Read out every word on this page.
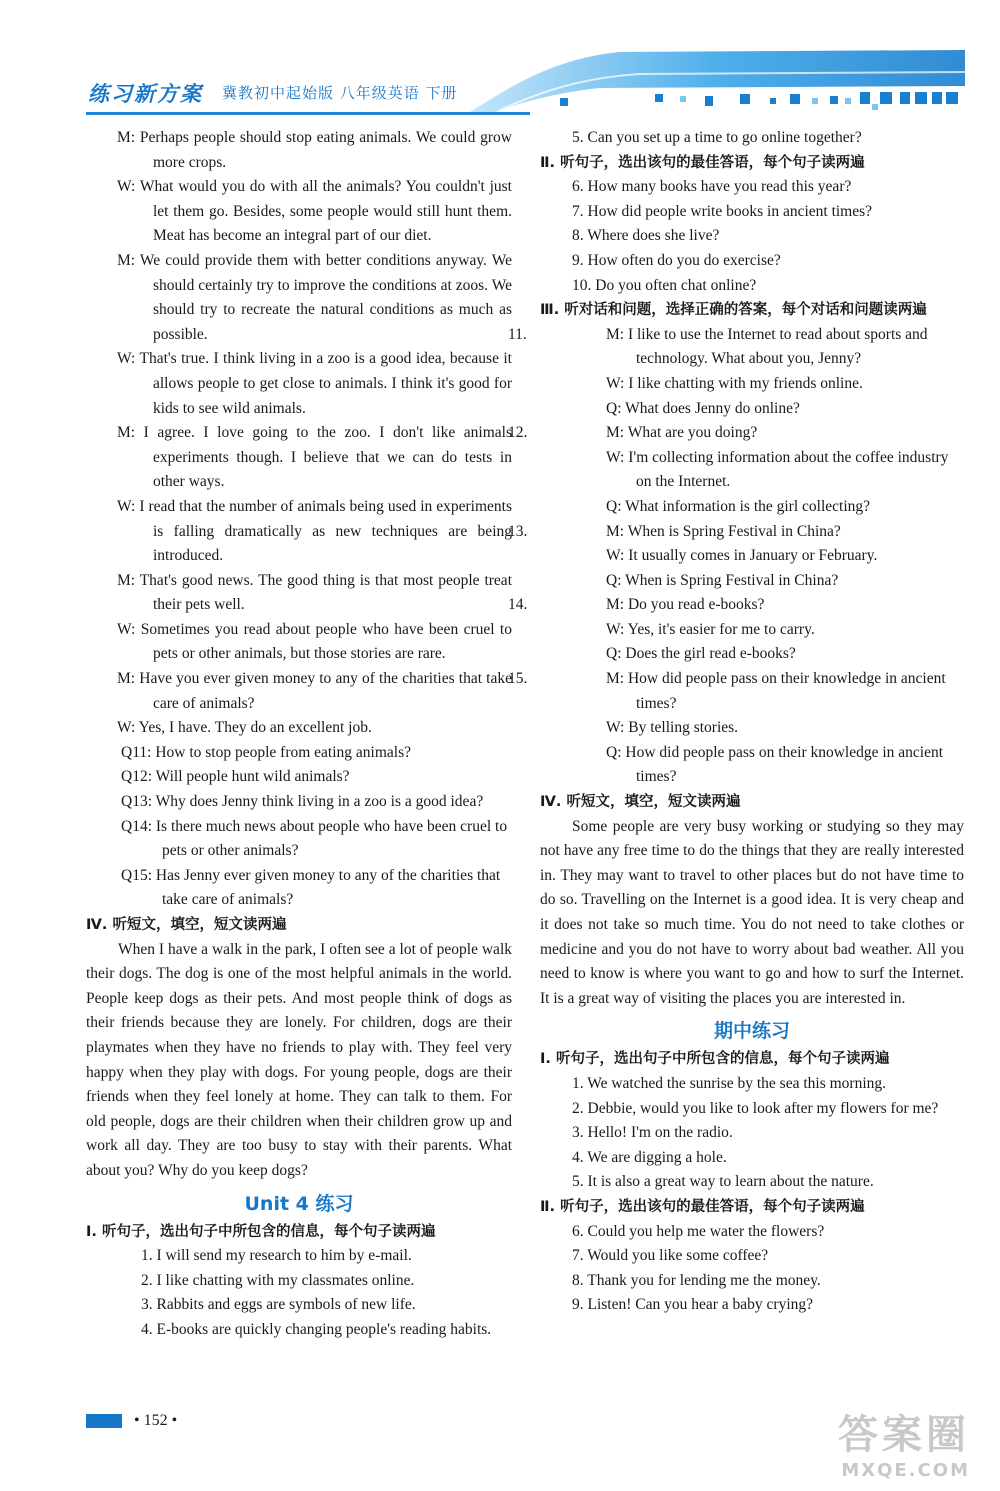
练习新方案 冀教初中起始版 八年级英语 下册
M: Perhaps people should stop eating animals. We could grow more crops.
W: What would you do with all the animals? You couldn't just let them go. Besides, some people would still hunt them. Meat has become an integral part of our diet.
M: We could provide them with better conditions anyway. We should certainly try to improve the conditions at zoos. We should try to recreate the natural conditions as much as possible.
W: That's true. I think living in a zoo is a good idea, because it allows people to get close to animals. I think it's good for kids to see wild animals.
M: I agree. I love going to the zoo. I don't like animals experiments though. I believe that we can do tests in other ways.
W: I read that the number of animals being used in experiments is falling dramatically as new techniques are being introduced.
M: That's good news. The good thing is that most people treat their pets well.
W: Sometimes you read about people who have been cruel to pets or other animals, but those stories are rare.
M: Have you ever given money to any of the charities that take care of animals?
W: Yes, I have. They do an excellent job.
Q11: How to stop people from eating animals?
Q12: Will people hunt wild animals?
Q13: Why does Jenny think living in a zoo is a good idea?
Q14: Is there much news about people who have been cruel to pets or other animals?
Q15: Has Jenny ever given money to any of the charities that take care of animals?
Ⅳ. 听短文，填空，短文读两遍
When I have a walk in the park, I often see a lot of people walk their dogs. The dog is one of the most helpful animals in the world. People keep dogs as their pets. And most people think of dogs as their friends because they are lonely. For children, dogs are their playmates when they have no friends to play with. They feel very happy when they play with dogs. For young people, dogs are their friends when they feel lonely at home. They can talk to them. For old people, dogs are their children when their children grow up and work all day. They are too busy to stay with their parents. What about you? Why do you keep dogs?
Unit 4 练习
Ⅰ. 听句子，选出句子中所包含的信息，每个句子读两遍
1. I will send my research to him by e-mail.
2. I like chatting with my classmates online.
3. Rabbits and eggs are symbols of new life.
4. E-books are quickly changing people's reading habits.
5. Can you set up a time to go online together?
Ⅱ. 听句子，选出该句的最佳答语，每个句子读两遍
6. How many books have you read this year?
7. How did people write books in ancient times?
8. Where does she live?
9. How often do you do exercise?
10. Do you often chat online?
Ⅲ. 听对话和问题，选择正确的答案，每个对话和问题读两遍
11.	M: I like to use the Internet to read about sports and technology. What about you, Jenny?
W: I like chatting with my friends online.
Q: What does Jenny do online?
12.	M: What are you doing?
W: I'm collecting information about the coffee industry on the Internet.
Q: What information is the girl collecting?
13.	M: When is Spring Festival in China?
W: It usually comes in January or February.
Q: When is Spring Festival in China?
14.	M: Do you read e-books?
W: Yes, it's easier for me to carry.
Q: Does the girl read e-books?
15.	M: How did people pass on their knowledge in ancient times?
W: By telling stories.
Q: How did people pass on their knowledge in ancient times?
Ⅳ. 听短文，填空，短文读两遍
Some people are very busy working or studying so they may not have any free time to do the things that they are really interested in. They may want to travel to other places but do not have time to do so. Travelling on the Internet is a good idea. It is very cheap and it does not take so much time. You do not need to take clothes or medicine and you do not have to worry about bad weather. All you need to know is where you want to go and how to surf the Internet. It is a great way of visiting the places you are interested in.
期中练习
Ⅰ. 听句子，选出句子中所包含的信息，每个句子读两遍
1. We watched the sunrise by the sea this morning.
2. Debbie, would you like to look after my flowers for me?
3. Hello! I'm on the radio.
4. We are digging a hole.
5. It is also a great way to learn about the nature.
Ⅱ. 听句子，选出该句的最佳答语，每个句子读两遍
6. Could you help me water the flowers?
7. Would you like some coffee?
8. Thank you for lending me the money.
9. Listen! Can you hear a baby crying?
• 152 •	答案圈
MXQE.COM
